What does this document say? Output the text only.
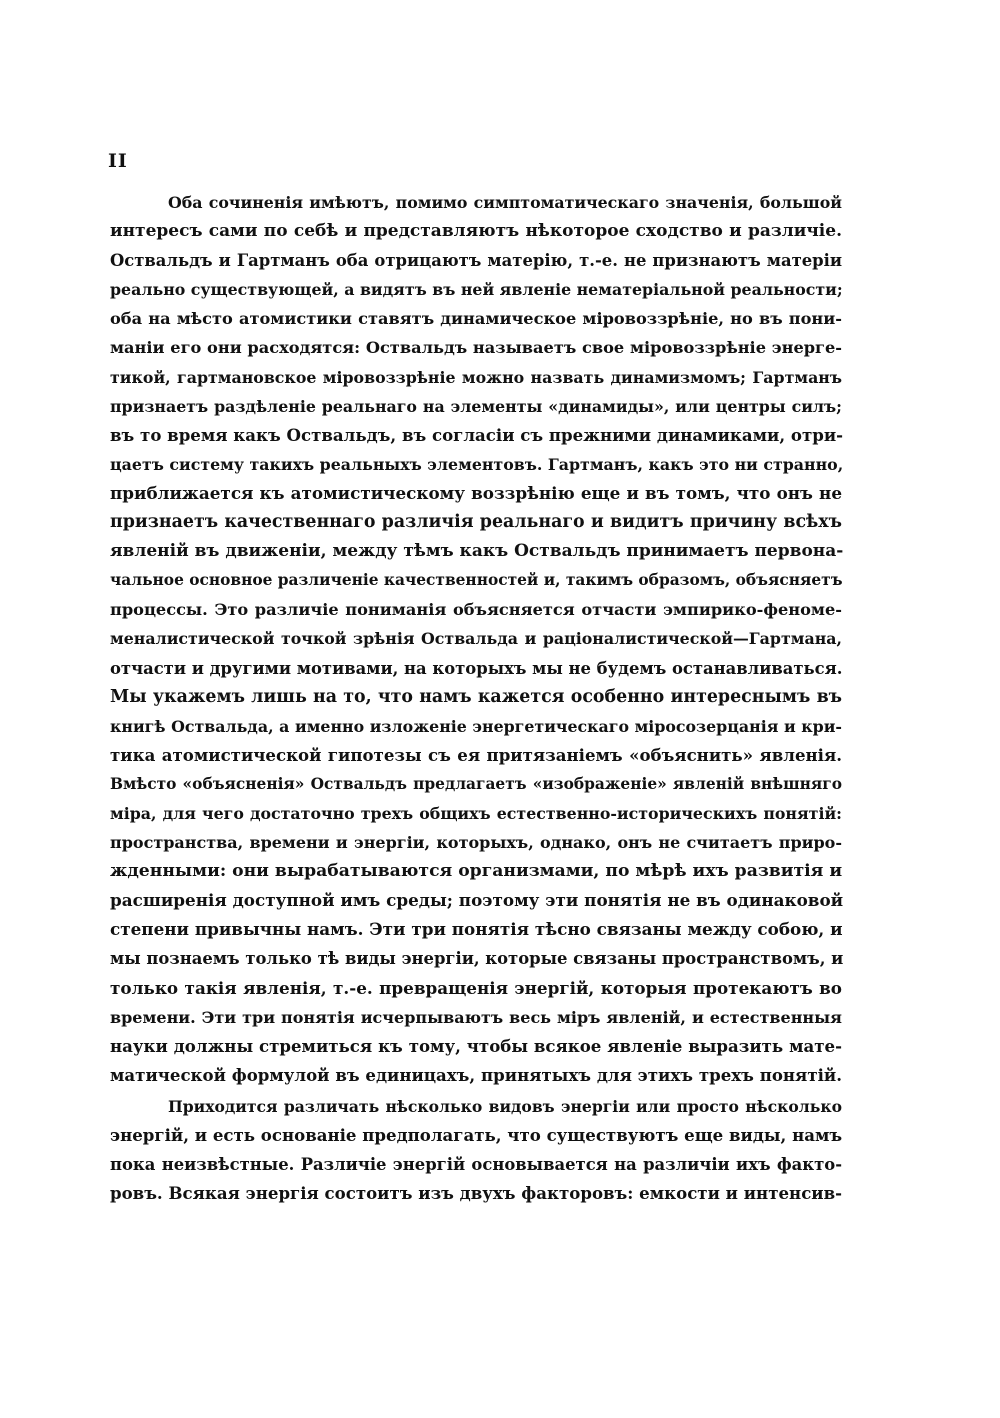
II
Оба сочиненія имѣютъ, помимо симптоматическаго значенія, большой
интересъ сами по себѣ и представляютъ нѣкоторое сходство и различіе.
Оствальдъ и Гартманъ оба отрицаютъ матерію, т.-е. не признаютъ матеріи
реально существующей, а видятъ въ ней явленіе нематеріальной реальности;
оба на мѣсто атомистики ставятъ динамическое міровоззрѣніе, но въ пони-
маніи его они расходятся: Оствальдъ называетъ свое міровоззрѣніе энерге-
тикой, гартмановское міровоззрѣніе можно назвать динамизмомъ; Гартманъ
признаетъ раздѣленіе реальнаго на элементы «динамиды», или центры силъ;
въ то время какъ Оствальдъ, въ согласіи съ прежними динамиками, отри-
цаетъ систему такихъ реальныхъ элементовъ. Гартманъ, какъ это ни странно,
приближается къ атомистическому воззрѣнію еще и въ томъ, что онъ не
признаетъ качественнаго различія реальнаго и видитъ причину всѣхъ
явленій въ движеніи, между тѣмъ какъ Оствальдъ принимаетъ первона-
чальное основное различеніе качественностей и, такимъ образомъ, объясняетъ
процессы. Это различіе пониманія объясняется отчасти эмпирико-феноме-
меналистической точкой зрѣнія Оствальда и раціоналистической—Гартмана,
отчасти и другими мотивами, на которыхъ мы не будемъ останавливаться.
Мы укажемъ лишь на то, что намъ кажется особенно интереснымъ въ
книгѣ Оствальда, а именно изложеніе энергетическаго міросозерцанія и кри-
тика атомистической гипотезы съ ея притязаніемъ «объяснить» явленія.
Вмѣсто «объясненія» Оствальдъ предлагаетъ «изображеніе» явленій внѣшняго
міра, для чего достаточно трехъ общихъ естественно-историческихъ понятій:
пространства, времени и энергіи, которыхъ, однако, онъ не считаетъ приро-
жденными: они вырабатываются организмами, по мѣрѣ ихъ развитія и
расширенія доступной имъ среды; поэтому эти понятія не въ одинаковой
степени привычны намъ. Эти три понятія тѣсно связаны между собою, и
мы познаемъ только тѣ виды энергіи, которые связаны пространствомъ, и
только такія явленія, т.-е. превращенія энергій, которыя протекаютъ во
времени. Эти три понятія исчерпываютъ весь міръ явленій, и естественныя
науки должны стремиться къ тому, чтобы всякое явленіе выразить мате-
матической формулой въ единицахъ, принятыхъ для этихъ трехъ понятій.
Приходится различать нѣсколько видовъ энергіи или просто нѣсколько
энергій, и есть основаніе предполагать, что существуютъ еще виды, намъ
пока неизвѣстные. Различіе энергій основывается на различіи ихъ факто-
ровъ. Всякая энергія состоитъ изъ двухъ факторовъ: емкости и интенсив-
